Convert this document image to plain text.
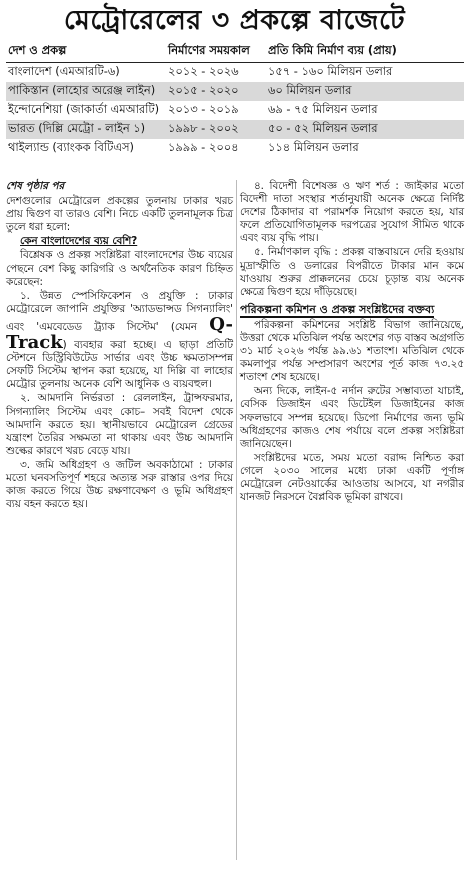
মেট্রোরেলের ৩ প্রকল্পে বাজেটে
দেশ ও প্রকল্প	নির্মাণের সময়কাল	প্রতি কিমি নির্মাণ ব্যয় (প্রায়)
বাংলাদেশ (এমআরটি-৬)	২০১২ - ২০২৬	১৫৭ - ১৬০ মিলিয়ন ডলার
পাকিস্তান (লাহোর অরেঞ্জ লাইন)	২০১৫ - ২০২০	৬০ মিলিয়ন ডলার
ইন্দোনেশিয়া (জাকার্তা এমআরটি)	২০১৩ - ২০১৯	৬৯ - ৭৫ মিলিয়ন ডলার
ভারত (দিল্লি মেট্রো - লাইন ১)	১৯৯৮ - ২০০২	৫০ - ৫২ মিলিয়ন ডলার
থাইল্যান্ড (ব্যাংকক বিটিএস)	১৯৯৯ - ২০০৪	১১৪ মিলিয়ন ডলার
শেষ পৃষ্ঠার পর

দেশগুলোর মেট্রোরেল প্রকল্পের তুলনায় ঢাকার খরচ প্রায় দ্বিগুণ বা তারও বেশি। নিচে একটি তুলনামূলক চিত্র তুলে ধরা হলো:

কেন বাংলাদেশের ব্যয় বেশি?

বিশ্লেষক ও প্রকল্প সংশ্লিষ্টরা বাংলাদেশের উচ্চ ব্যয়ের পেছনে বেশ কিছু কারিগরি ও অর্থনৈতিক কারণ চিহ্নিত করেছেন:

১. উন্নত স্পেসিফিকেশন ও প্রযুক্তি : ঢাকার মেট্রোরেলে জাপানি প্রযুক্তির 'অ্যাডভান্সড সিগন্যালিং' এবং 'এমবেডেড ট্র্যাক সিস্টেম' (যেমন Q-Track) ব্যবহার করা হচ্ছে। এ ছাড়া প্রতিটি স্টেশনে ডিস্ট্রিবিউটেড সার্ভার এবং উচ্চ ক্ষমতাসম্পন্ন সেফটি সিস্টেম স্থাপন করা হয়েছে, যা দিল্লি বা লাহোর মেট্রোর তুলনায় অনেক বেশি আধুনিক ও ব্যয়বহুল।

২. আমদানি নির্ভরতা : রেললাইন, ট্রান্সফরমার, সিগন্যালিং সিস্টেম এবং কোচ– সবই বিদেশ থেকে আমদানি করতে হয়। স্থানীয়ভাবে মেট্রোরেল গ্রেডের যন্ত্রাংশ তৈরির সক্ষমতা না থাকায় এবং উচ্চ আমদানি শুল্কের কারণে খরচ বেড়ে যায়।

৩. জমি অধিগ্রহণ ও জটিল অবকাঠামো : ঢাকার মতো ঘনবসতিপূর্ণ শহরে অত্যন্ত সরু রাস্তার ওপর দিয়ে কাজ করতে গিয়ে উচ্চ রক্ষণাবেক্ষণ ও ভূমি অধিগ্রহণ ব্যয় বহন করতে হয়।

৪. বিদেশী বিশেষজ্ঞ ও ঋণ শর্ত : জাইকার মতো বিদেশী দাতা সংস্থার শর্তানুযায়ী অনেক ক্ষেত্রে নির্দিষ্ট দেশের ঠিকাদার বা পরামর্শক নিয়োগ করতে হয়, যার ফলে প্রতিযোগিতামূলক দরপত্রের সুযোগ সীমিত থাকে এবং ব্যয় বৃদ্ধি পায়।

৫. নির্মাণকাল বৃদ্ধি : প্রকল্প বাস্তবায়নে দেরি হওয়ায় মুদ্রাস্ফীতি ও ডলারের বিপরীতে টাকার মান কমে যাওয়ায় শুরুর প্রাক্কলনের চেয়ে চূড়ান্ত ব্যয় অনেক ক্ষেত্রে দ্বিগুণ হয়ে দাঁড়িয়েছে।

পরিকল্পনা কমিশন ও প্রকল্প সংশ্লিষ্টদের বক্তব্য

পরিকল্পনা কমিশনের সংশ্লিষ্ট বিভাগ জানিয়েছে, উত্তরা থেকে মতিঝিল পর্যন্ত অংশের গড় বাস্তব অগ্রগতি ৩১ মার্চ ২০২৬ পর্যন্ত ৯৯.৬১ শতাংশ। মতিঝিল থেকে কমলাপুর পর্যন্ত সম্প্রসারণ অংশের পূর্ত কাজ ৭৩.২৫ শতাংশ শেষ হয়েছে।

অন্য দিকে, লাইন-৫ নর্দান রুটের সম্ভাব্যতা যাচাই, বেসিক ডিজাইন এবং ডিটেইল ডিজাইনের কাজ সফলভাবে সম্পন্ন হয়েছে। ডিপো নির্মাণের জন্য ভূমি অধিগ্রহণের কাজও শেষ পর্যায়ে বলে প্রকল্প সংশ্লিষ্টরা জানিয়েছেন।

সংশ্লিষ্টদের মতে, সময় মতো বরাদ্দ নিশ্চিত করা গেলে ২০৩০ সালের মধ্যে ঢাকা একটি পূর্ণাঙ্গ মেট্রোরেল নেটওয়ার্কের আওতায় আসবে, যা নগরীর যানজট নিরসনে বৈপ্লবিক ভূমিকা রাখবে।
